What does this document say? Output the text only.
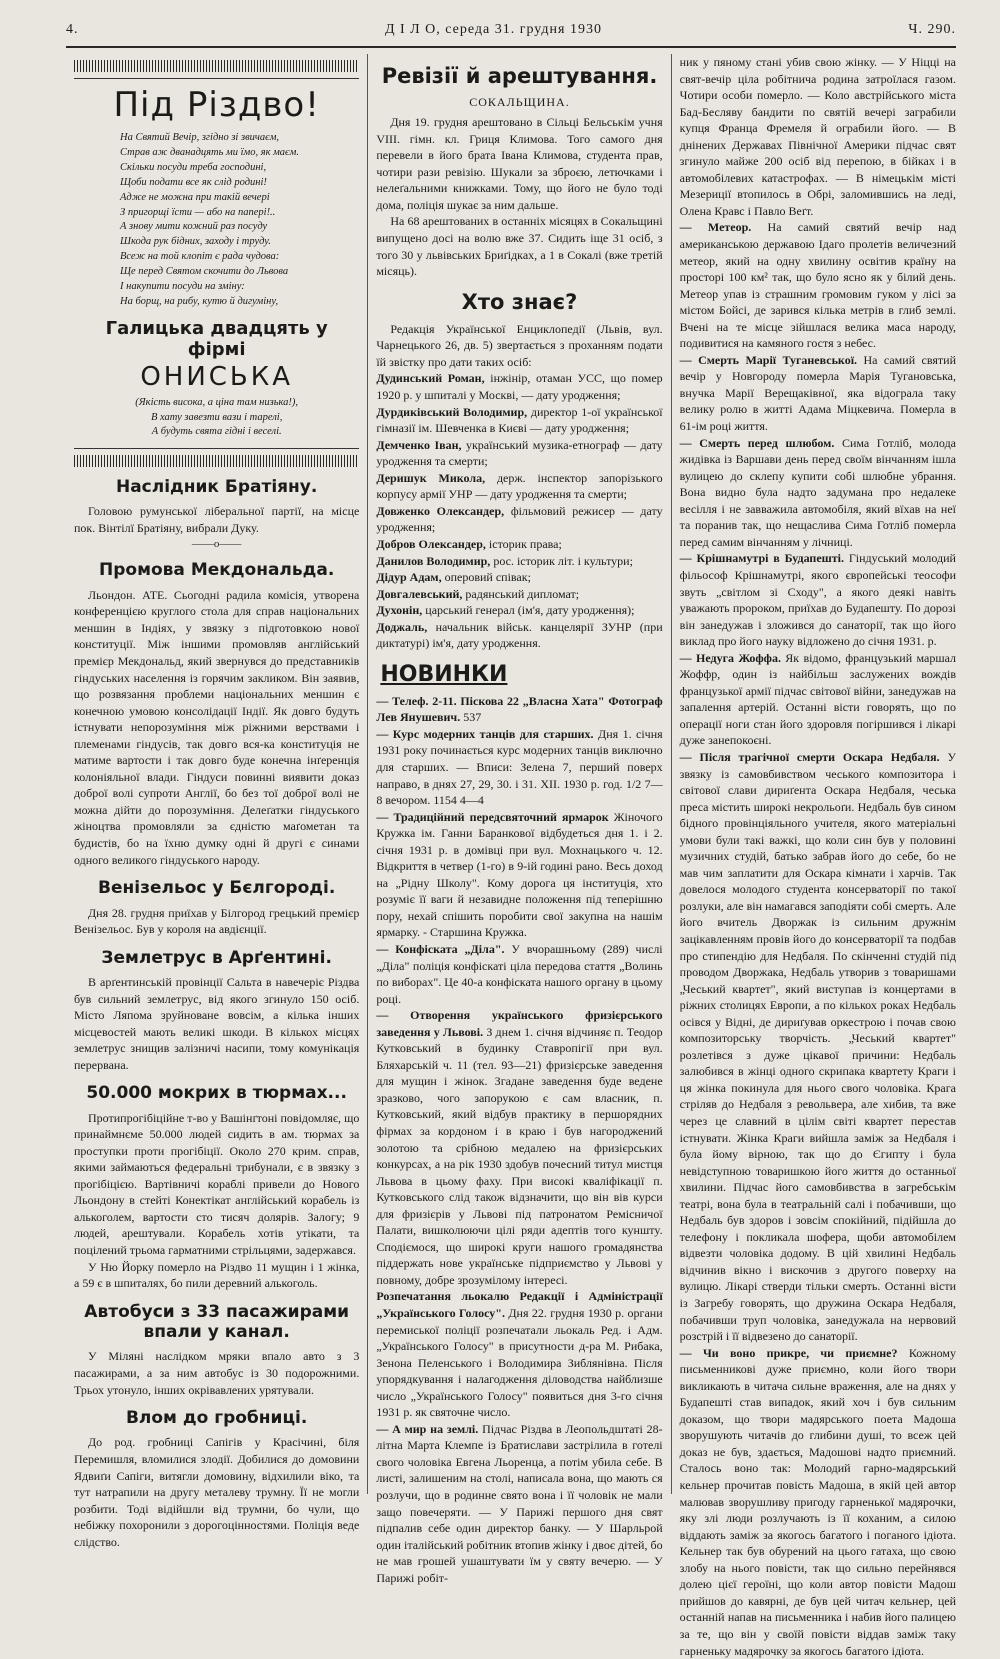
4.	Д І Л О, середа 31. грудня 1930	Ч. 290.
Під Різдво!
На Святий Вечір, згідно зі звичаєм,
Страв аж дванадцять ми їмо, як маєм.
Скільки посуди треба господині,
Щоби подати все як слід родині!
Адже не можна при такій вечері
З пригорщі їсти — або на папері!..
А знову мити кожний раз посуду
Шкода рук бідних, заходу і труду.
Всеж на той клопіт є рада чудова:
Ще перед Святом скочити до Львова
І накупити посуди на зміну:
На борщ, на рибу, кутю й дигуміну,
Галицька двадцять у фірмі
ОНИСЬКА
(Якість висока, а ціна там низька!),
В хату завезти вази і тарелі,
А будуть свята гідні і веселі.
Наслідник Братіяну.

Головою румунської ліберальної партії, на місце пок. Вінтілї Братіяну, вибрали Дуку.

——о——
Промова Мекдональда.

Льондон. АТЕ. Сьогодні радила комісія, утворена конференцією круглого стола для справ національних меншин в Індіях, у звязку з підготовкою нової конституції. Між іншими промовляв англійський премієр Мекдональд, який звернувся до представників гіндуських населення із горячим закликом. Він заявив, що розвязання проблеми національних меншин є конечною умовою консолідації Індії. Як довго будуть істнувати непорозуміння між ріжними верствами і племенами гіндусів, так довго вся-ка конституція не матиме вартости і так довго буде конечна інґеренція колоніяльної влади. Гіндуси повинні виявити доказ доброї волі супроти Англії, бо без тої доброї волі не можна дійти до порозуміння. Делеґатки гіндуського жіноцтва промовляли за єдністю маґометан та будистів, бо на їхню думку одні й другі є синами одного великого гіндуського народу.

Венізельос у Бєлгороді.

Дня 28. грудня приїхав у Білгород грецький премієр Венізельос. Був у короля на авдієнції.

Землетрус в Арґентині.

В арґентинській провінції Сальта в навечеріє Різдва був сильний землетрус, від якого згинуло 150 осіб. Місто Ляпома зруйноване вовсім, а кілька інших місцевостей мають великі шкоди. В кількох місцях землетрус знищив залізничі насипи, тому комунікація перервана.

50.000 мокрих в тюрмах...

Протипрогібіційне т-во у Вашінґтоні повідомляє, що принаймнєме 50.000 людей сидить в ам. тюрмах за проступки проти прогібіції. Около 270 крим. справ, якими займаються федеральні трибунали, є в звязку з прогібіцією. Вартівничі кораблі привели до Нового Льондону в стейті Конектікат англійський корабель із алькоголем, вартости сто тисяч долярів. Залогу; 9 людей, арештували. Корабель хотів утікати, та поцілений трьома гарматними стрільцями, задержався.

У Ню Йорку померло на Різдво 11 мущин і 1 жінка, а 59 є в шпиталях, бо пили деревний алькоголь.

Автобуси з 33 пасажирами впали у канал.

У Міляні наслідком мряки впало авто з 3 пасажирами, а за ним автобус із 30 подорожними. Трьох утонуло, інших окрівавлених урятували.

Влом до гробниці.

До род. гробниці Сапігів у Красічині, біля Перемишля, вломилися злодії. Добилися до домовини Ядвиґи Сапіги, витягли домовину, відхилили віко, та тут натрапили на другу металеву трумну. Її не могли розбити. Тоді відійшли від трумни, бо чули, що небіжку похоронили з дорогоцінностями. Поліція веде слідство.

Ревізії й арештування.
СОКАЛЬЩИНА.

Дня 19. грудня арештовано в Сільці Бельськім учня VIII. гімн. кл. Гриця Климова. Того самого дня перевели в його брата Івана Климова, студента прав, чотири рази ревізію. Шукали за зброєю, летючками і нелеґальними книжками. Тому, що його не було тоді дома, поліція шукає за ним дальше.

На 68 арештованих в останніх місяцях в Сокальщині випущено досі на волю вже 37. Сидить іще 31 осіб, з того 30 у львівських Бриґідках, а 1 в Сокалі (вже третій місяць).

Хто знає?

Редакція Української Енциклопедії (Львів, вул. Чарнецького 26, дв. 5) звертається з проханням подати їй звістку про дати таких осіб:

Дудинський Роман, інжінір, отаман УСС, що помер 1920 р. у шпиталі у Москві, — дату уродження;

Дурдиківський Володимир, директор 1-ої української гімназії ім. Шевченка в Києві — дату уродження;

Демченко Іван, український музика-етнограф — дату уродження та смерти;

Деришук Микола, держ. інспектор запорізького корпусу армії УНР — дату уродження та смерти;

Довженко Олександер, фільмовий режисер — дату уродження;

Добров Олександер, історик права;

Данилов Володимир, рос. історик літ. і культури;

Дідур Адам, оперовий співак;

Довгалевський, радянський дипломат;

Духонін, царський генерал (ім'я, дату уродження);

Доджаль, начальник військ. канцелярії ЗУНР (при диктатурі) ім'я, дату уродження.

НОВИНКИ

— Телеф. 2-11. Піскова 22 „Власна Хата" Фотограф Лев Янушевич. 537

— Курс модерних танців для старших. Дня 1. січня 1931 року починається курс модерних танців виключно для старших. — Вписи: Зелена 7, перший поверх направо, в днях 27, 29, 30. і 31. XII. 1930 р. год. 1/2 7—8 вечором. 1154 4—4

— Традиційний передсвяточний ярмарок Жіночого Кружка ім. Ганни Баранкової відбудеться дня 1. і 2. січня 1931 р. в домівці при вул. Мохнацького ч. 12. Відкриття в четвер (1-го) в 9-ій годині рано. Весь доход на „Рідну Школу". Кому дорога ця інституція, хто розуміє її ваги й незавидне положення під теперішню пору, нехай спішить поробити свої закупна на нашім ярмарку. - Старшина Кружка.

— Конфіската „Діла". У вчорашньому (289) числі „Діла" поліція конфіскаті ціла передова стаття „Волинь по виборах". Це 40-а конфіската нашого органу в цьому році.

— Отворення українського фризієрського заведення у Львові. З днем 1. січня відчиняє п. Теодор Кутковський в будинку Ставропігії при вул. Бляхарській ч. 11 (тел. 93—21) фризієрське заведення для мущин і жінок. Згадане заведення буде ведене зразково, чого запорукою є сам власник, п. Кутковський, який відбув практику в першорядних фірмах за кордоном і в краю і був нагороджений золотою та срібною медалею на фризієрських конкурсах, а на рік 1930 здобув почесний титул мистця Львова в цьому фаху. При високі кваліфікації п. Кутковського слід також відзначити, що він вів курси для фризієрів у Львові під патронатом Ремісничої Палати, вишколюючи цілі ряди адептів того кунштy. Сподіємося, що широкі круги нашого громадянства піддержать нове українське підприємство у Львові у повному, добре зрозумілому інтересі.

Розпечатання льокалю Редакції і Адміністрації „Українського Голосу". Дня 22. грудня 1930 р. органи перемиської поліції розпечатали льокаль Ред. і Адм. „Українського Голосу" в присутности д-ра М. Рибака, Зенона Пеленського і Володимира Зиблянівна. Після упорядкування і налагодження діловодства найблизше число „Українського Голосу" появиться дня 3-го січня 1931 р. як святочне число.

— А мир на землі. Підчас Різдва в Леопольдштаті 28-літна Марта Клемпе із Братислави застрілила в готелі свого чоловіка Евгена Льоренца, а потім убила себе. В листі, залишеним на столі, написала вона, що мають ся розлучи, що в родинне свято вона і її чоловік не мали защо повечеряти. — У Парижі першого дня свят підпалив себе один директор банку. — У Шарльрой один італійський робітник втопив жінку і двоє дітей, бо не мав грошей ушаштувати їм у святу вечерю. — У Парижі робіт-

ник у пяному стані убив свою жінку. — У Ніцці на свят-вечір ціла робітнича родина затроїлася газом. Чотири особи померло. — Коло австрійського міста Бад-Бесляву бандити по святій вечері заграбили купця Франца Фремеля й ограбили його. — В днінених Державах Північної Америки підчас свят згинуло майже 200 осіб від перепою, в бійках і в автомобілевих катастрофах. — В німецькім місті Мезериції втопилось в Обрі, заломившись на леді, Олена Кравс і Павло Веґт.

— Метеор. На самий святий вечір над американською державою Ідаго пролетів величезний метеор, який на одну хвилину освітив країну на просторі 100 км² так, що було ясно як у білий день. Метеор упав із страшним громовим гуком у лісі за містом Бойсі, де зарився кілька метрів в глиб землі. Вчені на те місце зійшлася велика маса народу, подивитися на камяного гостя з небес.

— Смерть Марії Туганевської. На самий святий вечір у Новгороду померла Марія Тугановська, внучка Марії Верещаківної, яка відограла таку велику ролю в житті Адама Міцкевича. Померла в 61-ім році життя.

— Смерть перед шлюбом. Сима Готліб, молода жидівка із Варшави день перед своїм вінчанням ішла вулицею до склепу купити собі шлюбне убрання. Вона видно була надто задумана про недалеке весілля і не завважила автомобіля, який вїхав на неї та поранив так, що нещаслива Сима Готліб померла перед самим вінчанням у лічниці.

— Крішнамутрі в Будапешті. Гіндуський молодий фільософ Крішнамутрі, якого європейські теософи звуть „світлом зі Сходу", а якого деякі навіть уважають пророком, приїхав до Будапешту. По дорозі він занедужав і зложився до санаторії, так що його виклад про його науку відложено до січня 1931. р.

— Недуга Жоффа. Як відомо, французький маршал Жоффр, один із найбільш заслужених вождів французької армії підчас світової війни, занедужав на запалення артерій. Останні вісти говорять, що по операції ноги стан його здоровля погіршився і лікарі дуже занепокоєні.

— Після трагічної смерти Оскара Недбаля. У звязку із самовбивством чеського композитора і світової слави дириґента Оскара Недбаля, чеська преса містить широкі некрольоґи. Недбаль був сином бідного провінціяльного учителя, якого матеріальні умови були такі важкі, що коли син був у половині музичних студій, батько забрав його до себе, бо не мав чим заплатити для Оскара кімнати і харчів. Так довелося молодого студента консерваторії по такої розлуки, але він намагався заподіяти собі смерть. Але його вчитель Дворжак із сильним дружнім зацікавленням провів його до консерваторії та подбав про стипендію для Недбаля. По скінченні студій під проводом Дворжака, Недбаль утворив з товаришами „Чеський квартет", який виступав із концертами в ріжних столицях Европи, а по кількох роках Недбаль осівся у Відні, де дириґував оркестрою і почав свою композиторську творчість. „Чеський квартет" розлетівся з дуже цікавої причини: Недбаль залюбився в жінці одного скрипака квартету Краги і ця жінка покинула для нього свого чоловіка. Крага стріляв до Недбаля з револьвера, але хибив, та вже через це славний в цілім світі квартет перестав істнувати. Жінка Краги вийшла заміж за Недбаля і була йому вірною, так що до Єгипту і була невідступною товаришкою його життя до останньої хвилини. Підчас його самовбивства в загребськім театрі, вона була в театральній салі і побачивши, що Недбаль був здоров і зовсім спокійний, підійшла до телефону і покликала шофера, щоби автомобілем відвезти чоловіка додому. В цій хвилині Недбаль відчинив вікно і вискочив з другого поверху на вулицю. Лікарі стверди тільки смерть. Останні вісти із Загребу говорять, що дружина Оскара Недбаля, побачивши труп чоловіка, занедужала на нервовий розстрій і її відвезено до санаторії.

— Чи воно прикре, чи приємне? Кожному письменникові дуже приємно, коли його твори викликають в читача сильне враження, але на днях у Будапешті став випадок, який хоч і був сильним доказом, що твори мадярського поета Мадоша зворушують читачів до глибини душі, то всеж цей доказ не був, здається, Мадошові надто приємний. Сталось воно так: Молодий гарно-мадярський кельнер прочитав повість Мадоша, в якій цей автор малював зворушливу пригоду гарненької мадярочки, яку злі люди розлучають із її коханим, а силою віддають заміж за якогось багатого і поганого ідіота. Кельнер так був обурений на цього гатаха, що свою злобу на нього повісти, так що сильно перейнявся долею цієї героїні, що коли автор повісти Мадош прийшов до кавярні, де був цей читач кельнер, цей останній напав на письменника і набив його палицею за те, що він у своїй повісти віддав заміж таку гарненьку мадярочку за якогось багатого ідіота.
